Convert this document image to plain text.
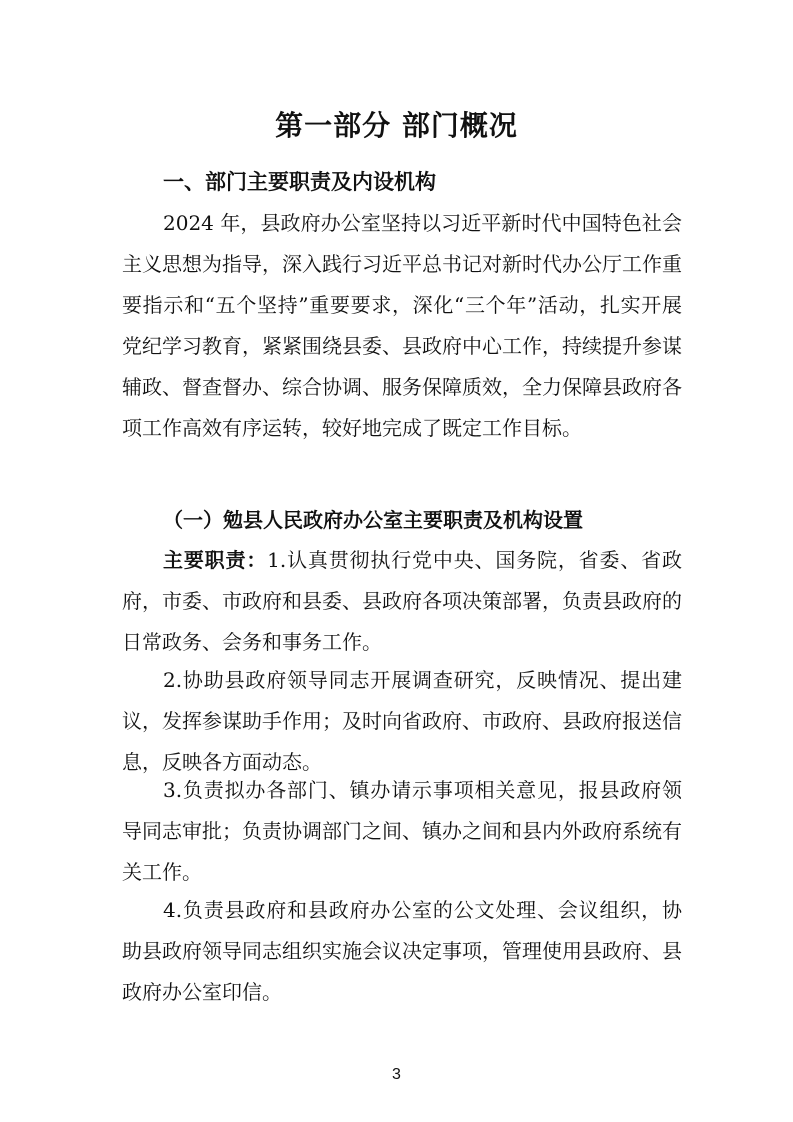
第一部分 部门概况
一、部门主要职责及内设机构

2024 年，县政府办公室坚持以习近平新时代中国特色社会主义思想为指导，深入践行习近平总书记对新时代办公厅工作重要指示和“五个坚持”重要要求，深化“三个年”活动，扎实开展党纪学习教育，紧紧围绕县委、县政府中心工作，持续提升参谋辅政、督查督办、综合协调、服务保障质效，全力保障县政府各项工作高效有序运转，较好地完成了既定工作目标。

（一）勉县人民政府办公室主要职责及机构设置

主要职责：1.认真贯彻执行党中央、国务院，省委、省政府，市委、市政府和县委、县政府各项决策部署，负责县政府的日常政务、会务和事务工作。

2.协助县政府领导同志开展调查研究，反映情况、提出建议，发挥参谋助手作用；及时向省政府、市政府、县政府报送信息，反映各方面动态。

3.负责拟办各部门、镇办请示事项相关意见，报县政府领导同志审批；负责协调部门之间、镇办之间和县内外政府系统有关工作。

4.负责县政府和县政府办公室的公文处理、会议组织，协助县政府领导同志组织实施会议决定事项，管理使用县政府、县政府办公室印信。

3
